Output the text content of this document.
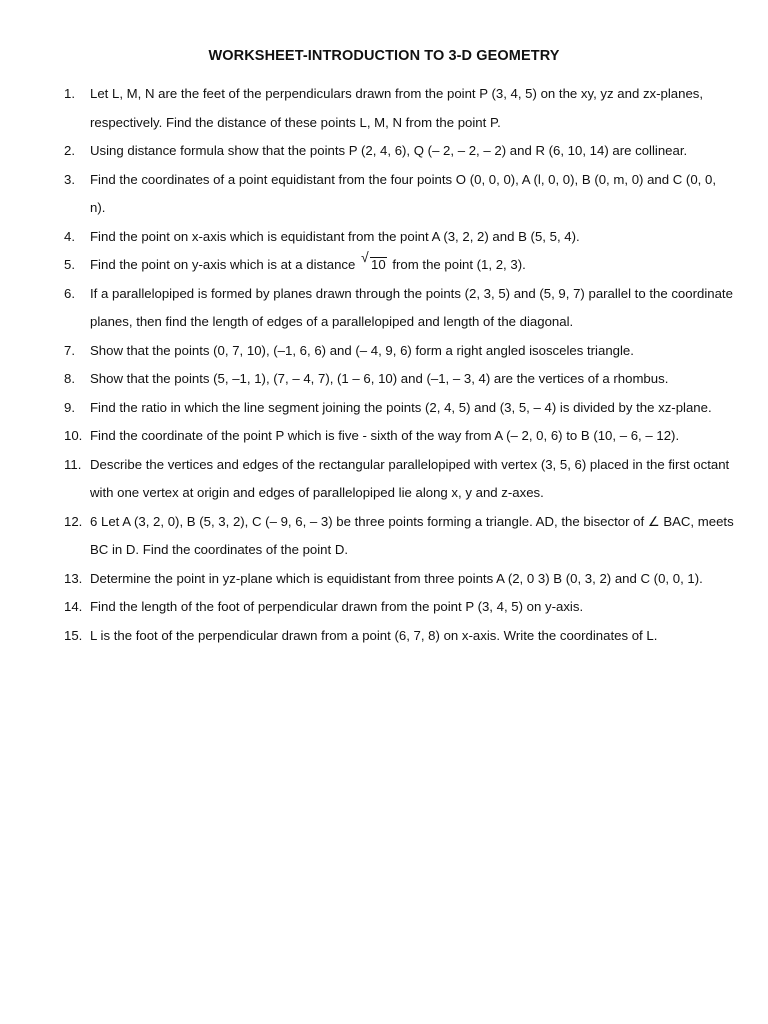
WORKSHEET-INTRODUCTION TO 3-D GEOMETRY
1.	Let L, M, N are the feet of the perpendiculars drawn from the point P (3, 4, 5) on the xy, yz and zx-planes, respectively. Find the distance of these points L, M, N from the point P.
2.	Using distance formula show that the points P (2, 4, 6), Q (– 2, – 2, – 2) and R (6, 10, 14) are collinear.
3.	Find the coordinates of a point equidistant from the four points O (0, 0, 0), A (l, 0, 0), B (0, m, 0) and C (0, 0, n).
4.	Find the point on x-axis which is equidistant from the point A (3, 2, 2) and B (5, 5, 4).
5.	Find the point on y-axis which is at a distance √ 10 from the point (1, 2, 3).
6.	If a parallelopiped is formed by planes drawn through the points (2, 3, 5) and (5, 9, 7) parallel to the coordinate planes, then find the length of edges of a parallelopiped and length of the diagonal.
7.	Show that the points (0, 7, 10), (–1, 6, 6) and (– 4, 9, 6) form a right angled isosceles triangle.
8.	Show that the points (5, –1, 1), (7, – 4, 7), (1 – 6, 10) and (–1, – 3, 4) are the vertices of a rhombus.
9.	Find the ratio in which the line segment joining the points (2, 4, 5) and (3, 5, – 4) is divided by the xz-plane.
10. Find the coordinate of the point P which is five - sixth of the way from A (– 2, 0, 6) to B (10, – 6, – 12).
11. Describe the vertices and edges of the rectangular parallelopiped with vertex (3, 5, 6) placed in the first octant with one vertex at origin and edges of parallelopiped lie along x, y and z-axes.
12. 6 Let A (3, 2, 0), B (5, 3, 2), C (– 9, 6, – 3) be three points forming a triangle. AD, the bisector of ∠ BAC, meets BC in D. Find the coordinates of the point D.
13. Determine the point in yz-plane which is equidistant from three points A (2, 0 3) B (0, 3, 2) and C (0, 0, 1).
14. Find the length of the foot of perpendicular drawn from the point P (3, 4, 5) on y-axis.
15. L is the foot of the perpendicular drawn from a point (6, 7, 8) on x-axis. Write the coordinates of L.
